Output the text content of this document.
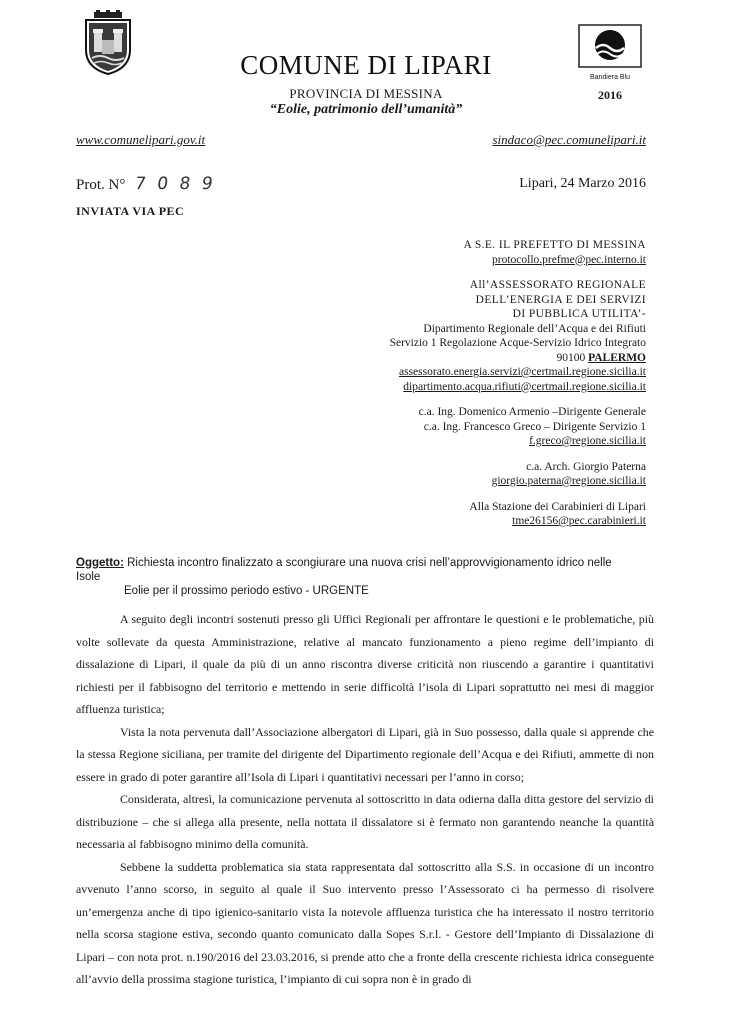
Bandiera Blu
2016
COMUNE DI LIPARI
PROVINCIA DI MESSINA
“Eolie, patrimonio dell’umanità”
www.comunelipari.gov.it	sindaco@pec.comunelipari.it
Prot. N° 7 0 8 9	Lipari, 24 Marzo 2016
INVIATA VIA PEC
A S.E. IL PREFETTO DI MESSINA
protocollo.prefme@pec.interno.it
All’ASSESSORATO REGIONALE
DELL’ENERGIA E DEI SERVIZI
DI PUBBLICA UTILITA’-
Dipartimento Regionale dell’Acqua e dei Rifiuti
Servizio 1 Regolazione Acque-Servizio Idrico Integrato
90100 PALERMO
assessorato.energia.servizi@certmail.regione.sicilia.it
dipartimento.acqua.rifiuti@certmail.regione.sicilia.it
c.a. Ing. Domenico Armenio –Dirigente Generale
c.a. Ing. Francesco Greco – Dirigente Servizio 1
f.greco@regione.sicilia.it
c.a. Arch. Giorgio Paterna
giorgio.paterna@regione.sicilia.it
Alla Stazione dei Carabinieri di Lipari
tme26156@pec.carabinieri.it
Oggetto: Richiesta incontro finalizzato a scongiurare una nuova crisi nell’approvvigionamento idrico nelle Isole
Eolie per il prossimo periodo estivo - URGENTE

A seguito degli incontri sostenuti presso gli Uffici Regionali per affrontare le questioni e le problematiche, più volte sollevate da questa Amministrazione, relative al mancato funzionamento a pieno regime dell’impianto di dissalazione di Lipari, il quale da più di un anno riscontra diverse criticità non riuscendo a garantire i quantitativi richiesti per il fabbisogno del territorio e mettendo in serie difficoltà l’isola di Lipari soprattutto nei mesi di maggior affluenza turistica;

Vista la nota pervenuta dall’Associazione albergatori di Lipari, già in Suo possesso, dalla quale si apprende che la stessa Regione siciliana, per tramite del dirigente del Dipartimento regionale dell’Acqua e dei Rifiuti, ammette di non essere in grado di poter garantire all’Isola di Lipari i quantitativi necessari per l’anno in corso;

Considerata, altresì, la comunicazione pervenuta al sottoscritto in data odierna dalla ditta gestore del servizio di distribuzione – che si allega alla presente, nella nottata il dissalatore si è fermato non garantendo neanche la quantità necessaria al fabbisogno minimo della comunità.

Sebbene la suddetta problematica sia stata rappresentata dal sottoscritto alla S.S. in occasione di un incontro avvenuto l’anno scorso, in seguito al quale il Suo intervento presso l’Assessorato ci ha permesso di risolvere un’emergenza anche di tipo igienico-sanitario vista la notevole affluenza turistica che ha interessato il nostro territorio nella scorsa stagione estiva, secondo quanto comunicato dalla Sopes S.r.l. - Gestore dell’Impianto di Dissalazione di Lipari – con nota prot. n.190/2016 del 23.03.2016, si prende atto che a fronte della crescente richiesta idrica conseguente all’avvio della prossima stagione turistica, l’impianto di cui sopra non è in grado di
